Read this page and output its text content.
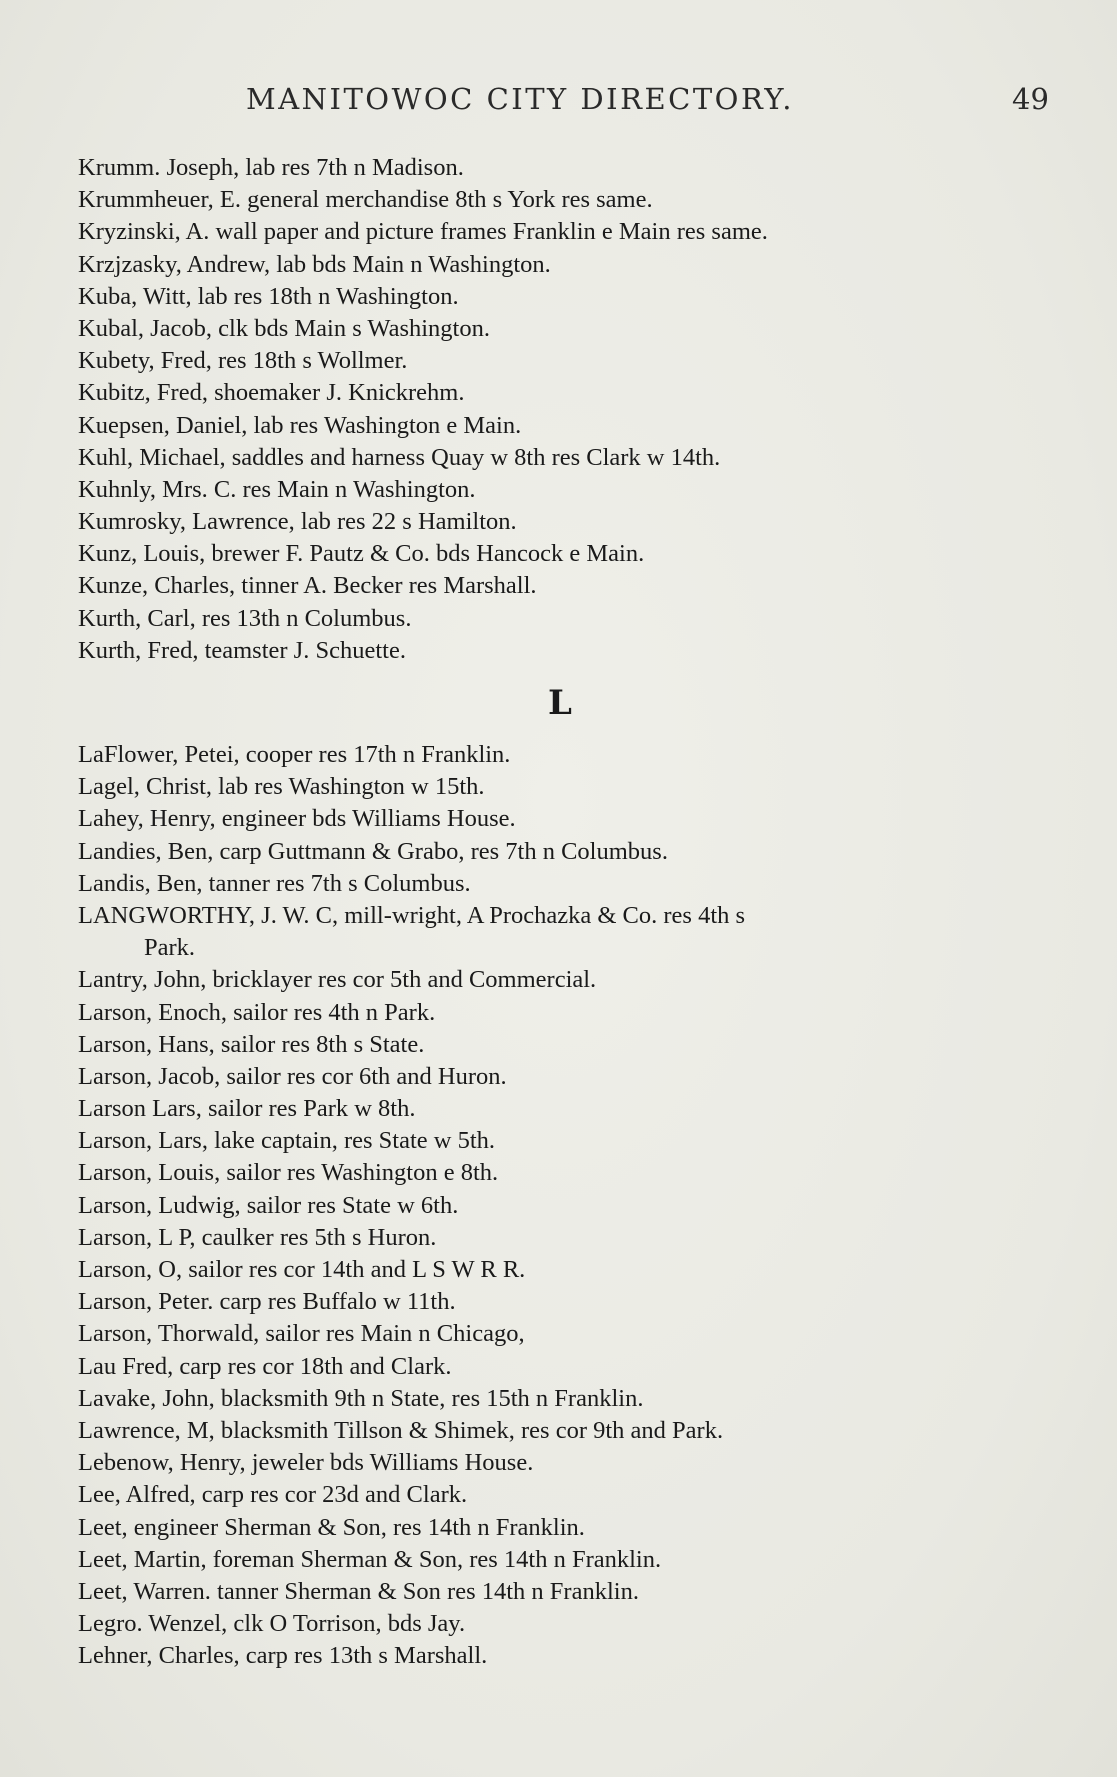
MANITOWOC CITY DIRECTORY.	49
Krumm. Joseph, lab res 7th n Madison.
Krummheuer, E. general merchandise 8th s York res same.
Kryzinski, A. wall paper and picture frames Franklin e Main res same.
Krzjzasky, Andrew, lab bds Main n Washington.
Kuba, Witt, lab res 18th n Washington.
Kubal, Jacob, clk bds Main s Washington.
Kubety, Fred, res 18th s Wollmer.
Kubitz, Fred, shoemaker J. Knickrehm.
Kuepsen, Daniel, lab res Washington e Main.
Kuhl, Michael, saddles and harness Quay w 8th res Clark w 14th.
Kuhnly, Mrs. C. res Main n Washington.
Kumrosky, Lawrence, lab res 22 s Hamilton.
Kunz, Louis, brewer F. Pautz & Co. bds Hancock e Main.
Kunze, Charles, tinner A. Becker res Marshall.
Kurth, Carl, res 13th n Columbus.
Kurth, Fred, teamster J. Schuette.
L
LaFlower, Petei, cooper res 17th n Franklin.
Lagel, Christ, lab res Washington w 15th.
Lahey, Henry, engineer bds Williams House.
Landies, Ben, carp Guttmann & Grabo, res 7th n Columbus.
Landis, Ben, tanner res 7th s Columbus.
LANGWORTHY, J. W. C, mill-wright, A Prochazka & Co. res 4th s
Park.
Lantry, John, bricklayer res cor 5th and Commercial.
Larson, Enoch, sailor res 4th n Park.
Larson, Hans, sailor res 8th s State.
Larson, Jacob, sailor res cor 6th and Huron.
Larson Lars, sailor res Park w 8th.
Larson, Lars, lake captain, res State w 5th.
Larson, Louis, sailor res Washington e 8th.
Larson, Ludwig, sailor res State w 6th.
Larson, L P, caulker res 5th s Huron.
Larson, O, sailor res cor 14th and L S W R R.
Larson, Peter. carp res Buffalo w 11th.
Larson, Thorwald, sailor res Main n Chicago,
Lau Fred, carp res cor 18th and Clark.
Lavake, John, blacksmith 9th n State, res 15th n Franklin.
Lawrence, M, blacksmith Tillson & Shimek, res cor 9th and Park.
Lebenow, Henry, jeweler bds Williams House.
Lee, Alfred, carp res cor 23d and Clark.
Leet, engineer Sherman & Son, res 14th n Franklin.
Leet, Martin, foreman Sherman & Son, res 14th n Franklin.
Leet, Warren. tanner Sherman & Son res 14th n Franklin.
Legro. Wenzel, clk O Torrison, bds Jay.
Lehner, Charles, carp res 13th s Marshall.
